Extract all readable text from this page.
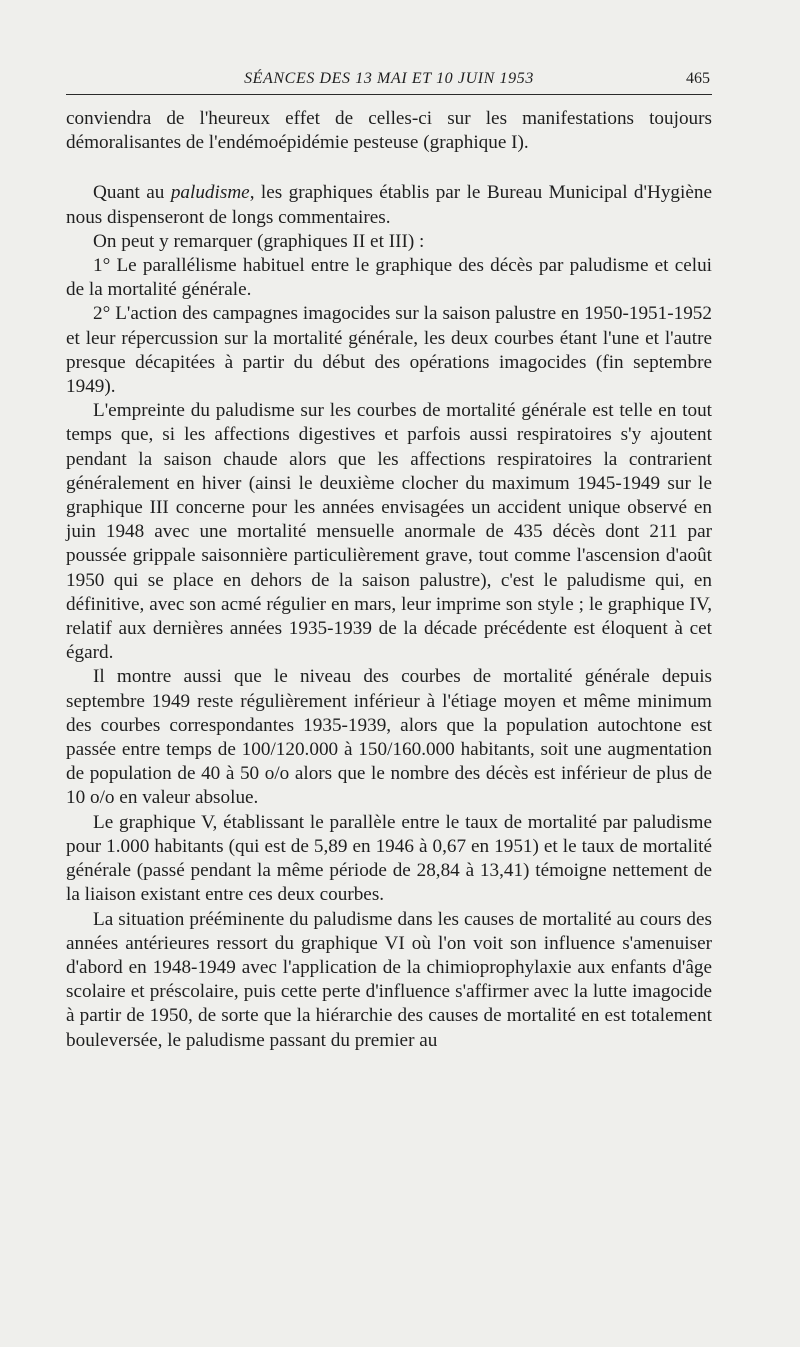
SÉANCES DES 13 MAI ET 10 JUIN 1953	465

conviendra de l'heureux effet de celles-ci sur les manifestations toujours démoralisantes de l'endémoépidémie pesteuse (graphique I).

Quant au paludisme, les graphiques établis par le Bureau Municipal d'Hygiène nous dispenseront de longs commentaires.

On peut y remarquer (graphiques II et III) :

1° Le parallélisme habituel entre le graphique des décès par paludisme et celui de la mortalité générale.

2° L'action des campagnes imagocides sur la saison palustre en 1950-1951-1952 et leur répercussion sur la mortalité générale, les deux courbes étant l'une et l'autre presque décapitées à partir du début des opérations imagocides (fin septembre 1949).

L'empreinte du paludisme sur les courbes de mortalité générale est telle en tout temps que, si les affections digestives et parfois aussi respiratoires s'y ajoutent pendant la saison chaude alors que les affections respiratoires la contrarient généralement en hiver (ainsi le deuxième clocher du maximum 1945-1949 sur le graphique III concerne pour les années envisagées un accident unique observé en juin 1948 avec une mortalité mensuelle anormale de 435 décès dont 211 par poussée grippale saisonnière particulièrement grave, tout comme l'ascension d'août 1950 qui se place en dehors de la saison palustre), c'est le paludisme qui, en définitive, avec son acmé régulier en mars, leur imprime son style ; le graphique IV, relatif aux dernières années 1935-1939 de la décade précédente est éloquent à cet égard.

Il montre aussi que le niveau des courbes de mortalité générale depuis septembre 1949 reste régulièrement inférieur à l'étiage moyen et même minimum des courbes correspondantes 1935-1939, alors que la population autochtone est passée entre temps de 100/120.000 à 150/160.000 habitants, soit une augmentation de population de 40 à 50 o/o alors que le nombre des décès est inférieur de plus de 10 o/o en valeur absolue.

Le graphique V, établissant le parallèle entre le taux de mortalité par paludisme pour 1.000 habitants (qui est de 5,89 en 1946 à 0,67 en 1951) et le taux de mortalité générale (passé pendant la même période de 28,84 à 13,41) témoigne nettement de la liaison existant entre ces deux courbes.

La situation prééminente du paludisme dans les causes de mortalité au cours des années antérieures ressort du graphique VI où l'on voit son influence s'amenuiser d'abord en 1948-1949 avec l'application de la chimioprophylaxie aux enfants d'âge scolaire et préscolaire, puis cette perte d'influence s'affirmer avec la lutte imagocide à partir de 1950, de sorte que la hiérarchie des causes de mortalité en est totalement bouleversée, le paludisme passant du premier au
